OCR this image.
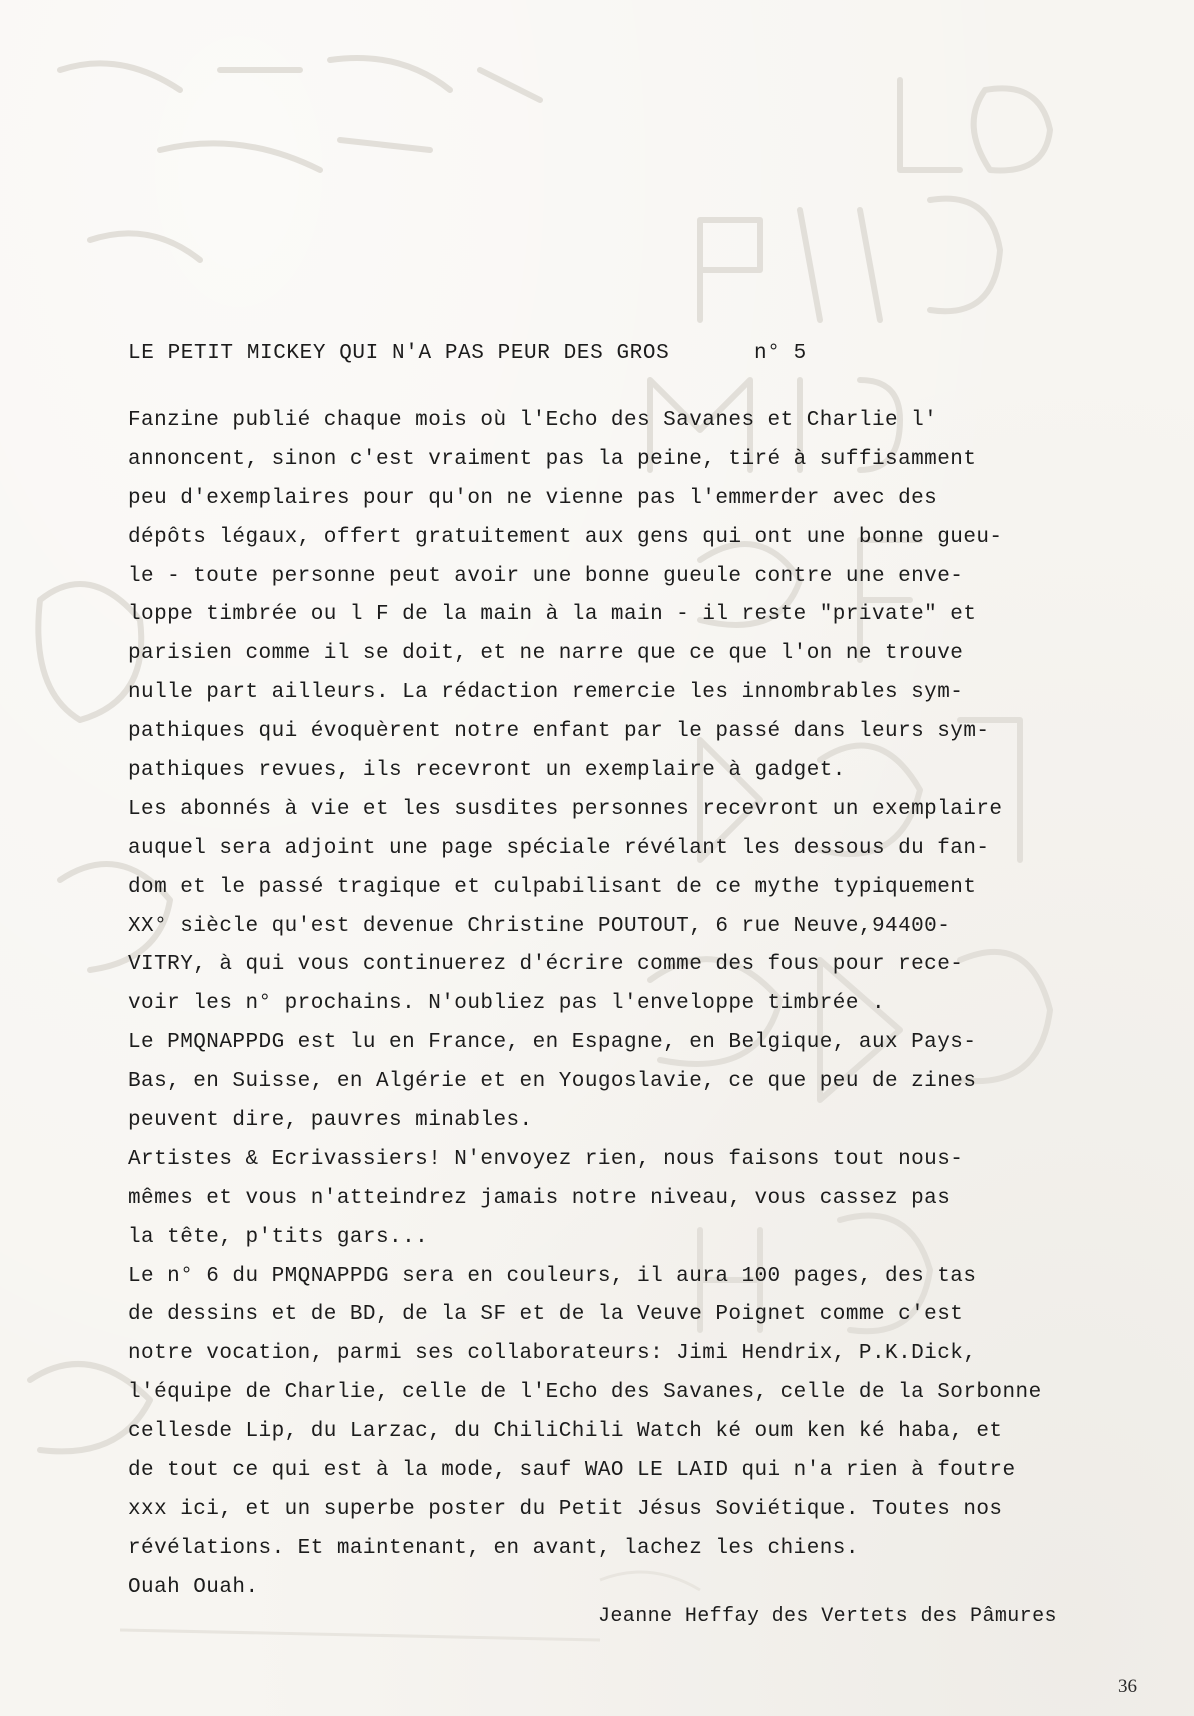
LE PETIT MICKEY QUI N'A PAS PEUR DES GROS	n° 5
Fanzine publié chaque mois où l'Echo des Savanes et Charlie l'
annoncent, sinon c'est vraiment pas la peine, tiré à suffisamment
peu d'exemplaires pour qu'on ne vienne pas l'emmerder avec des
dépôts légaux, offert gratuitement aux gens qui ont une bonne gueu-
le - toute personne peut avoir une bonne gueule contre une enve-
loppe timbrée ou l F de la main à la main - il reste "private" et
parisien comme il se doit, et ne narre que ce que l'on ne trouve
nulle part ailleurs. La rédaction remercie les innombrables sym-
pathiques qui évoquèrent notre enfant par le passé dans leurs sym-
pathiques revues, ils recevront un exemplaire à gadget.
Les abonnés à vie et les susdites personnes recevront un exemplaire
auquel sera adjoint une page spéciale révélant les dessous du fan-
dom et le passé tragique et culpabilisant de ce mythe typiquement
XX° siècle qu'est devenue Christine POUTOUT, 6 rue Neuve,94400-
VITRY, à qui vous continuerez d'écrire comme des fous pour rece-
voir les n° prochains. N'oubliez pas l'enveloppe timbrée .
Le PMQNAPPDG est lu en France, en Espagne, en Belgique, aux Pays-
Bas, en Suisse, en Algérie et en Yougoslavie, ce que peu de zines
peuvent dire, pauvres minables.
Artistes & Ecrivassiers! N'envoyez rien, nous faisons tout nous-
mêmes et vous n'atteindrez jamais notre niveau, vous cassez pas
la tête, p'tits gars...
Le n° 6 du PMQNAPPDG sera en couleurs, il aura 100 pages, des tas
de dessins et de BD, de la SF et de la Veuve Poignet comme c'est
notre vocation, parmi ses collaborateurs: Jimi Hendrix, P.K.Dick,
l'équipe de Charlie, celle de l'Echo des Savanes, celle de la Sorbonne
cellesde Lip, du Larzac, du ChiliChili Watch ké oum ken ké haba, et
de tout ce qui est à la mode, sauf WAO LE LAID qui n'a rien à foutre
xxx ici, et un superbe poster du Petit Jésus Soviétique. Toutes nos
révélations. Et maintenant, en avant, lachez les chiens.
Ouah Ouah.
Jeanne Heffay des Vertets des Pâmures
36
